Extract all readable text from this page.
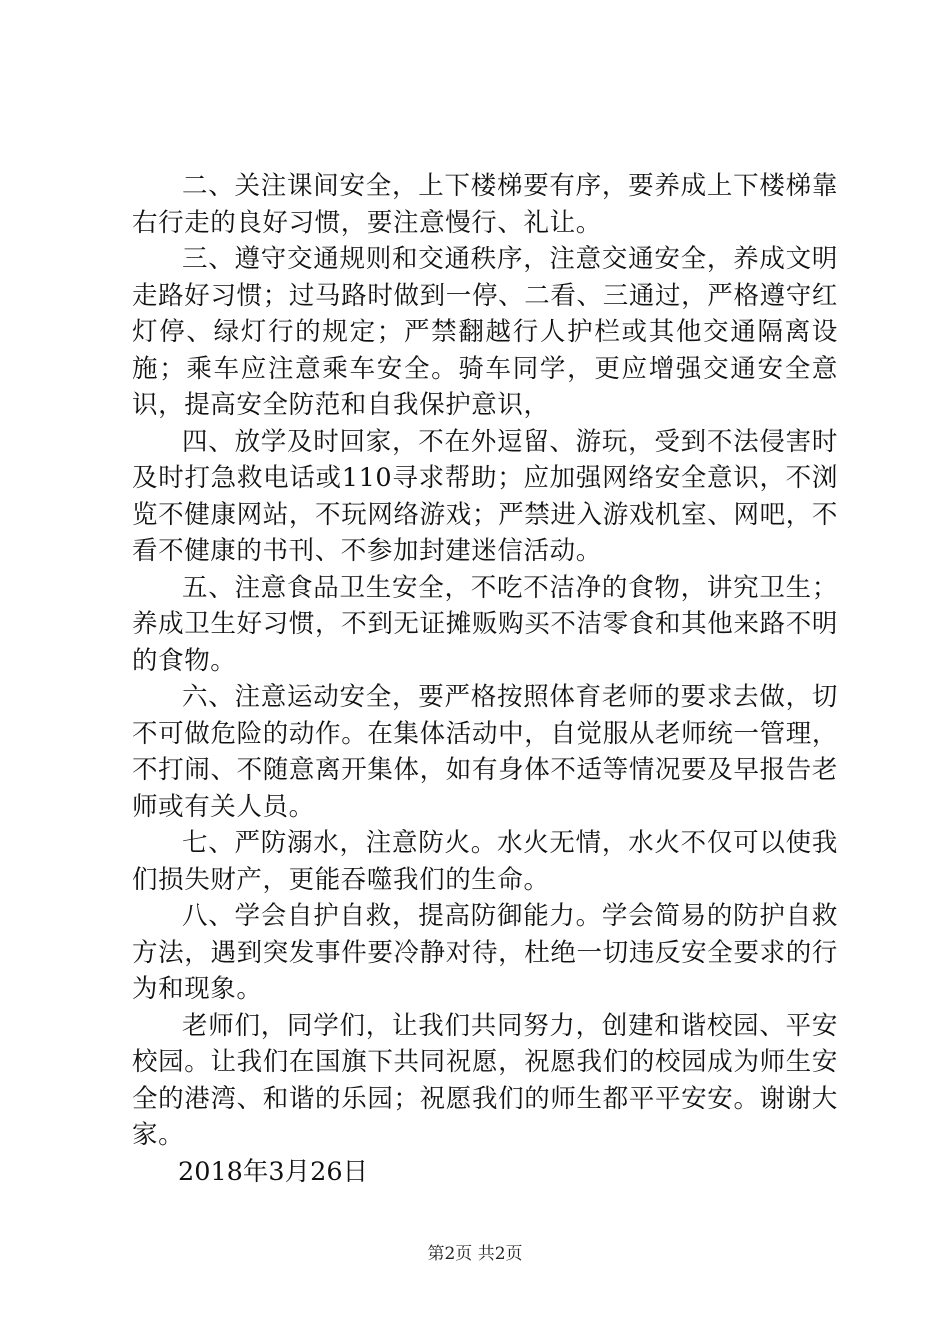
二、关注课间安全，上下楼梯要有序，要养成上下楼梯靠右行走的良好习惯，要注意慢行、礼让。

三、遵守交通规则和交通秩序，注意交通安全，养成文明走路好习惯；过马路时做到一停、二看、三通过，严格遵守红灯停、绿灯行的规定；严禁翻越行人护栏或其他交通隔离设施；乘车应注意乘车安全。骑车同学，更应增强交通安全意识，提高安全防范和自我保护意识，

四、放学及时回家，不在外逗留、游玩，受到不法侵害时及时打急救电话或110寻求帮助；应加强网络安全意识，不浏览不健康网站，不玩网络游戏；严禁进入游戏机室、网吧，不看不健康的书刊、不参加封建迷信活动。

五、注意食品卫生安全，不吃不洁净的食物，讲究卫生；养成卫生好习惯，不到无证摊贩购买不洁零食和其他来路不明的食物。

六、注意运动安全，要严格按照体育老师的要求去做，切不可做危险的动作。在集体活动中，自觉服从老师统一管理，不打闹、不随意离开集体，如有身体不适等情况要及早报告老师或有关人员。

七、严防溺水，注意防火。水火无情，水火不仅可以使我们损失财产，更能吞噬我们的生命。

八、学会自护自救，提高防御能力。学会简易的防护自救方法，遇到突发事件要冷静对待，杜绝一切违反安全要求的行为和现象。

老师们，同学们，让我们共同努力，创建和谐校园、平安校园。让我们在国旗下共同祝愿，祝愿我们的校园成为师生安全的港湾、和谐的乐园；祝愿我们的师生都平平安安。谢谢大家。

2018年3月26日

第2页 共2页
